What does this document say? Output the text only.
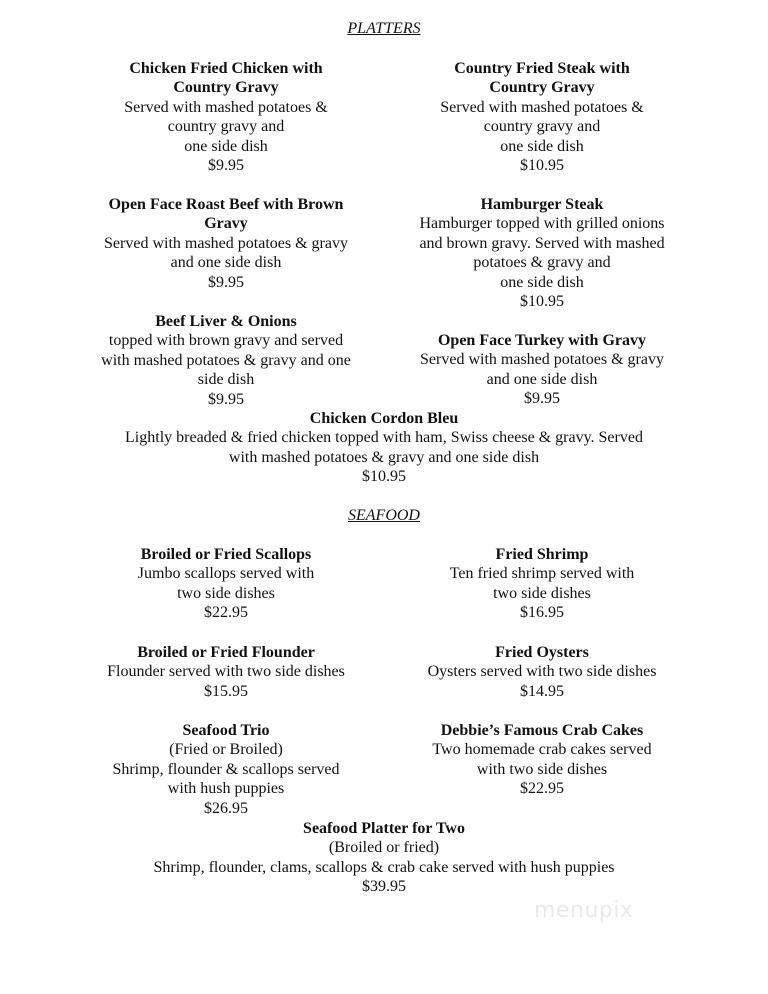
PLATTERS
Chicken Fried Chicken with
Country Gravy
Served with mashed potatoes &
country gravy and
one side dish
$9.95
Country Fried Steak with
Country Gravy
Served with mashed potatoes &
country gravy and
one side dish
$10.95
Open Face Roast Beef with Brown
Gravy
Served with mashed potatoes & gravy
and one side dish
$9.95
Hamburger Steak
Hamburger topped with grilled onions
and brown gravy. Served with mashed
potatoes & gravy and
one side dish
$10.95
Beef Liver & Onions
topped with brown gravy and served
with mashed potatoes & gravy and one
side dish
$9.95
Open Face Turkey with Gravy
Served with mashed potatoes & gravy
and one side dish
$9.95
Chicken Cordon Bleu
Lightly breaded & fried chicken topped with ham, Swiss cheese & gravy. Served
with mashed potatoes & gravy and one side dish
$10.95
SEAFOOD
Broiled or Fried Scallops
Jumbo scallops served with
two side dishes
$22.95
Fried Shrimp
Ten fried shrimp served with
two side dishes
$16.95
Broiled or Fried Flounder
Flounder served with two side dishes
$15.95
Fried Oysters
Oysters served with two side dishes
$14.95
Seafood Trio
(Fried or Broiled)
Shrimp, flounder & scallops served
with hush puppies
$26.95
Debbie’s Famous Crab Cakes
Two homemade crab cakes served
with two side dishes
$22.95
Seafood Platter for Two
(Broiled or fried)
Shrimp, flounder, clams, scallops & crab cake served with hush puppies
$39.95
menupix
